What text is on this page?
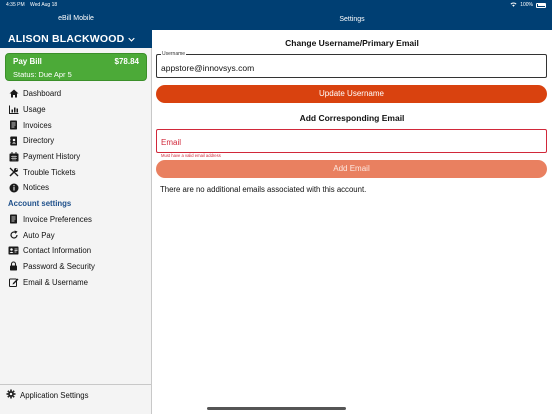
4:35 PM Wed Aug 18	100%
eBill Mobile
ALISON BLACKWOOD
Pay Bill	$78.84
Status: Due Apr 5
Dashboard
Usage
Invoices
Directory
Payment History
Trouble Tickets
Notices
Account settings
Invoice Preferences
Auto Pay
Contact Information
Password & Security
Email & Username
Application Settings
Settings
Change Username/Primary Email
Username
appstore@innovsys.com
Update Username
Add Corresponding Email
Email
Must have a valid email address
Add Email
There are no additional emails associated with this account.
